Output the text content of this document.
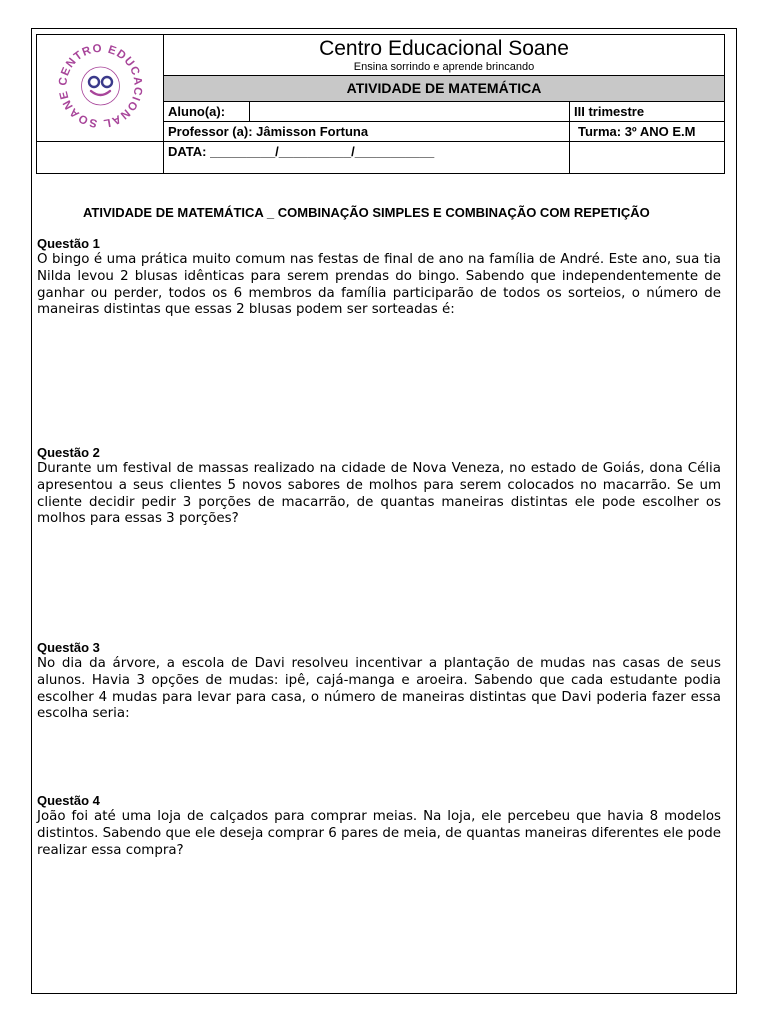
CENTRO EDUCACIONAL SOANE	Centro Educacional Soane
Ensina sorrindo e aprende brincando
ATIVIDADE DE MATEMÁTICA		

	Aluno(a):		III trimestre
	Professor (a): Jâmisson Fortuna		Turma: 3º ANO E.M
	DATA: _________/__________/___________		
ATIVIDADE DE MATEMÁTICA _ COMBINAÇÃO SIMPLES E COMBINAÇÃO COM REPETIÇÃO
Questão 1
O bingo é uma prática muito comum nas festas de final de ano na família de André. Este ano, sua tia Nilda levou 2 blusas idênticas para serem prendas do bingo. Sabendo que independentemente de ganhar ou perder, todos os 6 membros da família participarão de todos os sorteios, o número de maneiras distintas que essas 2 blusas podem ser sorteadas é:
Questão 2
Durante um festival de massas realizado na cidade de Nova Veneza, no estado de Goiás, dona Célia apresentou a seus clientes 5 novos sabores de molhos para serem colocados no macarrão. Se um cliente decidir pedir 3 porções de macarrão, de quantas maneiras distintas ele pode escolher os molhos para essas 3 porções?
Questão 3
No dia da árvore, a escola de Davi resolveu incentivar a plantação de mudas nas casas de seus alunos. Havia 3 opções de mudas: ipê, cajá-manga e aroeira. Sabendo que cada estudante podia escolher 4 mudas para levar para casa, o número de maneiras distintas que Davi poderia fazer essa escolha seria:
Questão 4
João foi até uma loja de calçados para comprar meias. Na loja, ele percebeu que havia 8 modelos distintos. Sabendo que ele deseja comprar 6 pares de meia, de quantas maneiras diferentes ele pode realizar essa compra?
